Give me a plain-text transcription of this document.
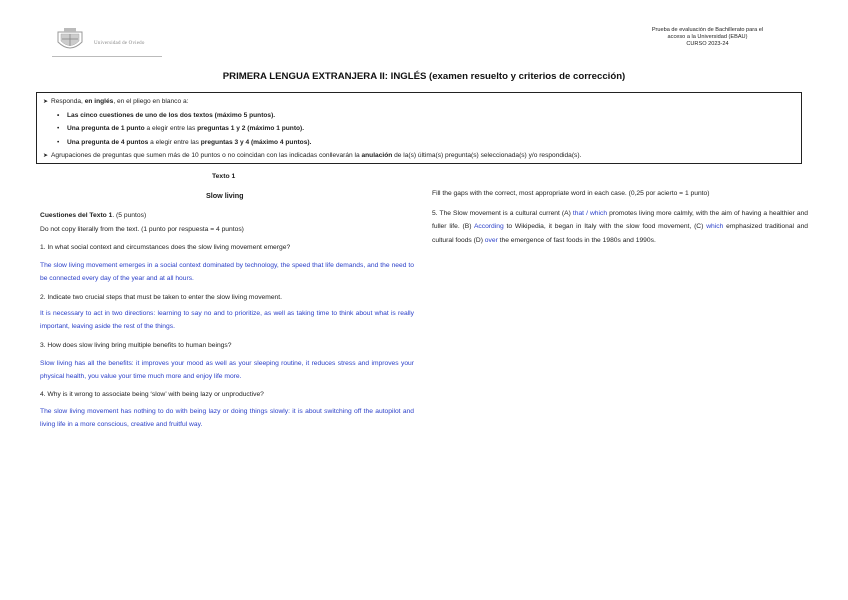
Universidad de Oviedo
Prueba de evaluación de Bachillerato para el
acceso a la Universidad (EBAU)
CURSO 2023-24
PRIMERA LENGUA EXTRANJERA II: INGLÉS (examen resuelto y criterios de corrección)
➤ Responda, en inglés, en el pliego en blanco a:
• Las cinco cuestiones de uno de los dos textos (máximo 5 puntos).
• Una pregunta de 1 punto a elegir entre las preguntas 1 y 2 (máximo 1 punto).
• Una pregunta de 4 puntos a elegir entre las preguntas 3 y 4 (máximo 4 puntos).
➤ Agrupaciones de preguntas que sumen más de 10 puntos o no coincidan con las indicadas conllevarán la anulación de la(s) última(s) pregunta(s) seleccionada(s) y/o respondida(s).
Texto 1
Slow living
Cuestiones del Texto 1. (5 puntos)
Do not copy literally from the text. (1 punto por respuesta = 4 puntos)
1. In what social context and circumstances does the slow living movement emerge?
The slow living movement emerges in a social context dominated by technology, the speed that life demands, and the need to be connected every day of the year and at all hours.
2. Indicate two crucial steps that must be taken to enter the slow living movement.
It is necessary to act in two directions: learning to say no and to prioritize, as well as taking time to think about what is really important, leaving aside the rest of the things.
3. How does slow living bring multiple benefits to human beings?
Slow living has all the benefits: it improves your mood as well as your sleeping routine, it reduces stress and improves your physical health, you value your time much more and enjoy life more.
4. Why is it wrong to associate being ‘slow’ with being lazy or unproductive?
The slow living movement has nothing to do with being lazy or doing things slowly: it is about switching off the autopilot and living life in a more conscious, creative and fruitful way.
Fill the gaps with the correct, most appropriate word in each case. (0,25 por acierto = 1 punto)
5. The Slow movement is a cultural current (A) that / which promotes living more calmly, with the aim of having a healthier and fuller life. (B) According to Wikipedia, it began in Italy with the slow food movement, (C) which emphasized traditional and cultural foods (D) over the emergence of fast foods in the 1980s and 1990s.
